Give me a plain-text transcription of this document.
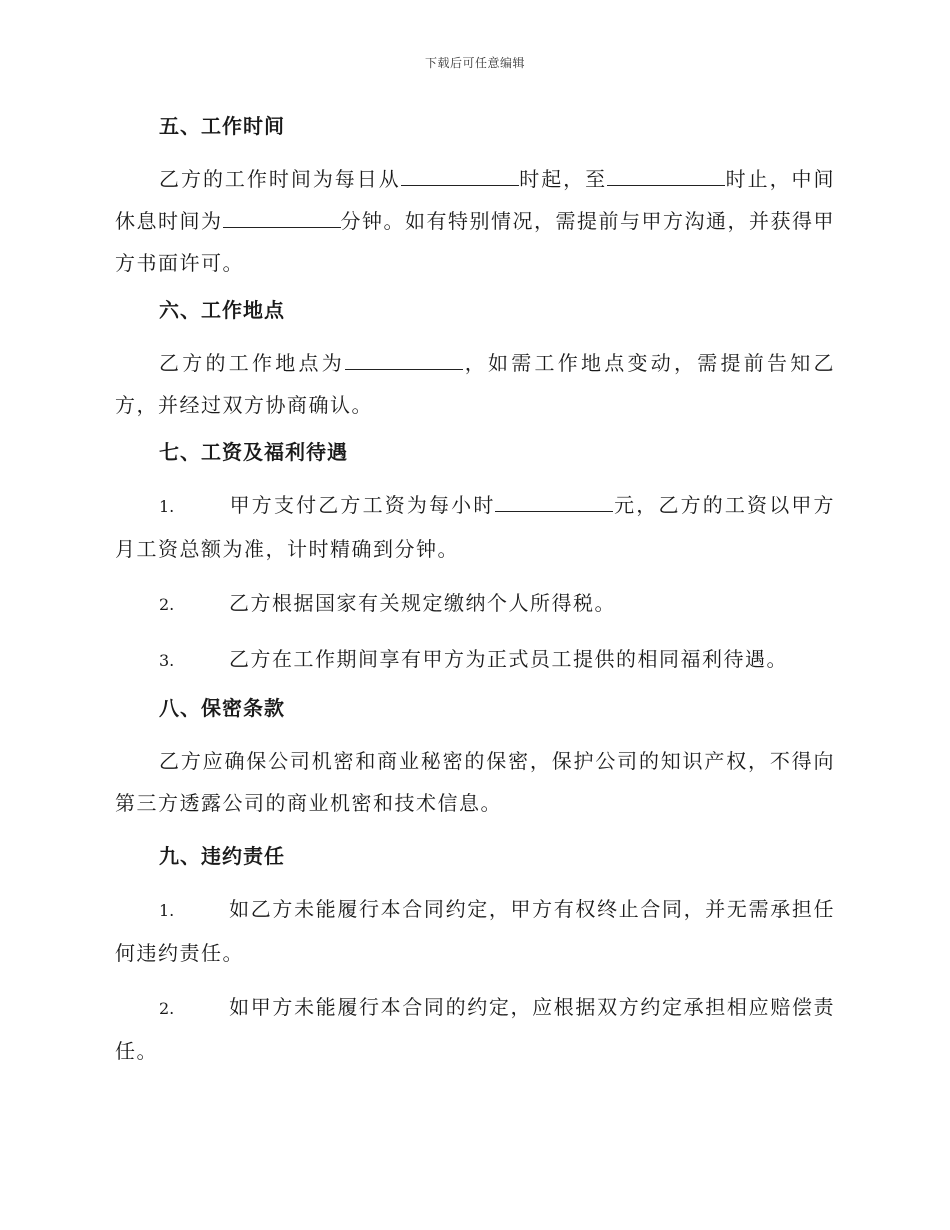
下载后可任意编辑
五、工作时间

乙方的工作时间为每日从	时起，至	时止，中间休息时间为	分钟。如有特别情况，需提前与甲方沟通，并获得甲方书面许可。

六、工作地点

乙方的工作地点为	，如需工作地点变动，需提前告知乙方，并经过双方协商确认。

七、工资及福利待遇

1.	甲方支付乙方工资为每小时	元，乙方的工资以甲方月工资总额为准，计时精确到分钟。

2.	乙方根据国家有关规定缴纳个人所得税。

3.	乙方在工作期间享有甲方为正式员工提供的相同福利待遇。

八、保密条款

乙方应确保公司机密和商业秘密的保密，保护公司的知识产权，不得向第三方透露公司的商业机密和技术信息。

九、违约责任

1.	如乙方未能履行本合同约定，甲方有权终止合同，并无需承担任何违约责任。

2.	如甲方未能履行本合同的约定，应根据双方约定承担相应赔偿责任。
